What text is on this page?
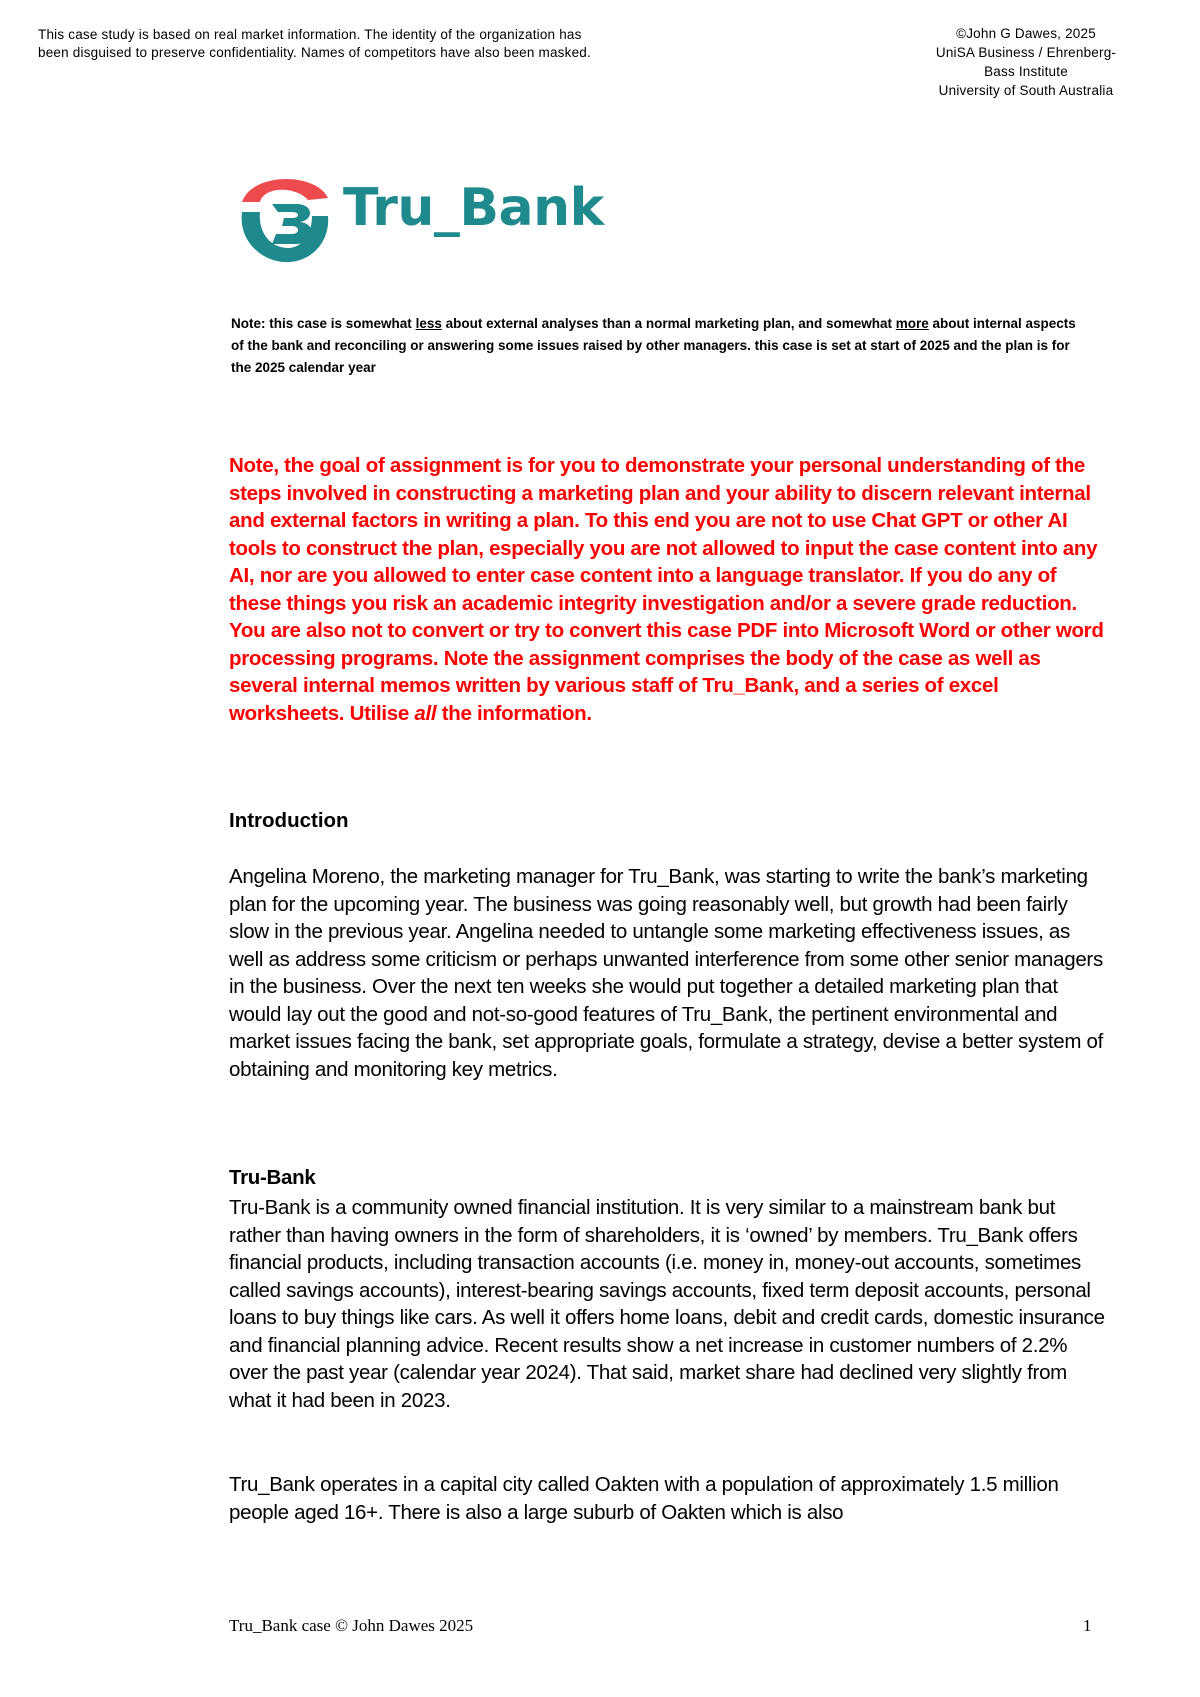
This case study is based on real market information. The identity of the organization has been disguised to preserve confidentiality. Names of competitors have also been masked.
©John G Dawes, 2025
UniSA Business / Ehrenberg-
Bass Institute
University of South Australia
Tru_Bank
Note: this case is somewhat less about external analyses than a normal marketing plan, and somewhat more about internal aspects of the bank and reconciling or answering some issues raised by other managers. this case is set at start of 2025 and the plan is for the 2025 calendar year

Note, the goal of assignment is for you to demonstrate your personal understanding of the steps involved in constructing a marketing plan and your ability to discern relevant internal and external factors in writing a plan. To this end you are not to use Chat GPT or other AI tools to construct the plan, especially you are not allowed to input the case content into any AI, nor are you allowed to enter case content into a language translator. If you do any of these things you risk an academic integrity investigation and/or a severe grade reduction.

You are also not to convert or try to convert this case PDF into Microsoft Word or other word processing programs. Note the assignment comprises the body of the case as well as several internal memos written by various staff of Tru_Bank, and a series of excel worksheets. Utilise all the information.

Introduction
Angelina Moreno, the marketing manager for Tru_Bank, was starting to write the bank’s marketing plan for the upcoming year. The business was going reasonably well, but growth had been fairly slow in the previous year. Angelina needed to untangle some marketing effectiveness issues, as well as address some criticism or perhaps unwanted interference from some other senior managers in the business. Over the next ten weeks she would put together a detailed marketing plan that would lay out the good and not-so-good features of Tru_Bank, the pertinent environmental and market issues facing the bank, set appropriate goals, formulate a strategy, devise a better system of obtaining and monitoring key metrics.
Tru-Bank
Tru-Bank is a community owned financial institution. It is very similar to a mainstream bank but rather than having owners in the form of shareholders, it is ‘owned’ by members. Tru_Bank offers financial products, including transaction accounts (i.e. money in, money-out accounts, sometimes called savings accounts), interest-bearing savings accounts, fixed term deposit accounts, personal loans to buy things like cars. As well it offers home loans, debit and credit cards, domestic insurance and financial planning advice. Recent results show a net increase in customer numbers of 2.2% over the past year (calendar year 2024). That said, market share had declined very slightly from what it had been in 2023.
Tru_Bank operates in a capital city called Oakten with a population of approximately 1.5 million people aged 16+. There is also a large suburb of Oakten which is also
Tru_Bank case © John Dawes 2025	1
